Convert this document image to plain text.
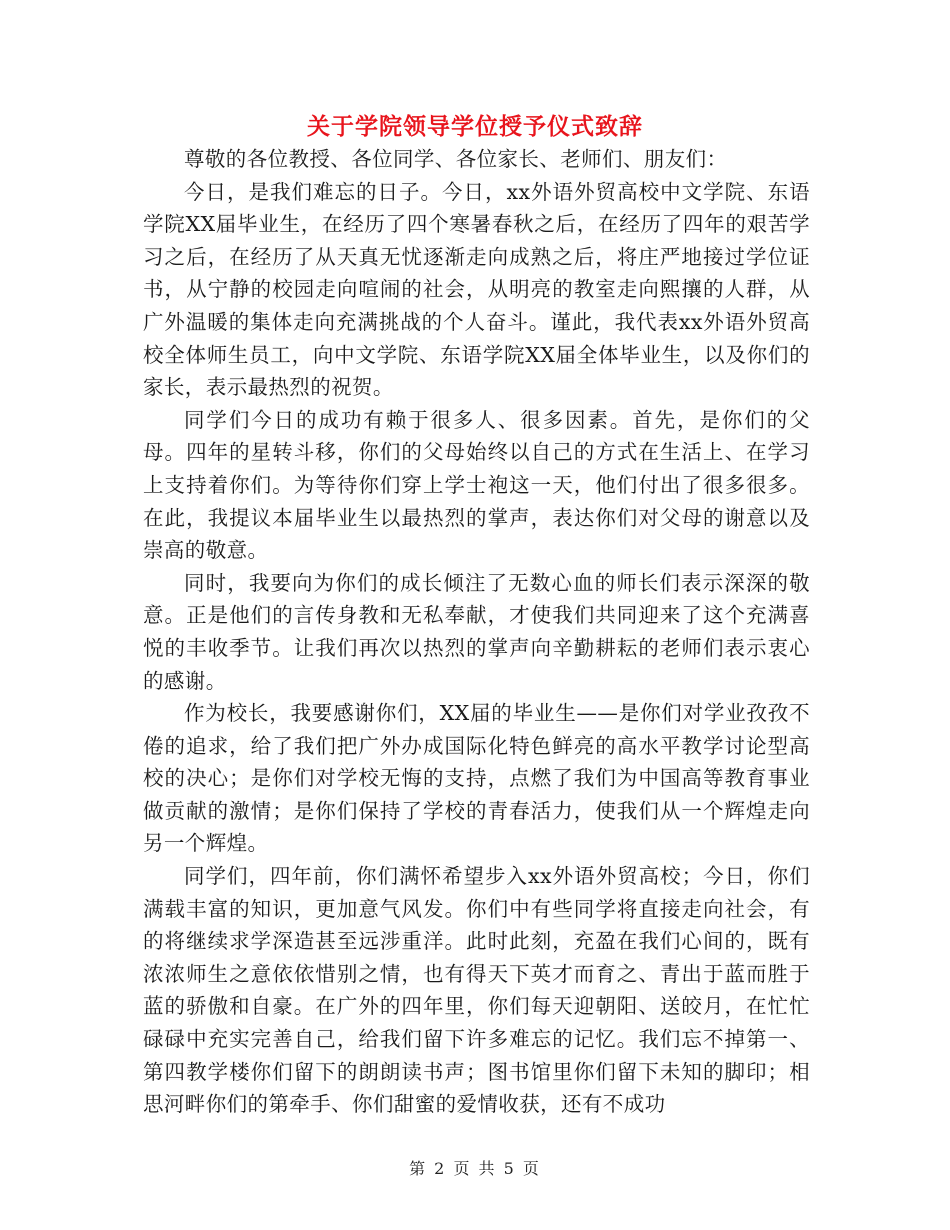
关于学院领导学位授予仪式致辞

尊敬的各位教授、各位同学、各位家长、老师们、朋友们：

今日，是我们难忘的日子。今日，xx外语外贸高校中文学院、东语学院XX届毕业生，在经历了四个寒暑春秋之后，在经历了四年的艰苦学习之后，在经历了从天真无忧逐渐走向成熟之后，将庄严地接过学位证书，从宁静的校园走向喧闹的社会，从明亮的教室走向熙攘的人群，从广外温暖的集体走向充满挑战的个人奋斗。谨此，我代表xx外语外贸高校全体师生员工，向中文学院、东语学院XX届全体毕业生，以及你们的家长，表示最热烈的祝贺。

同学们今日的成功有赖于很多人、很多因素。首先，是你们的父母。四年的星转斗移，你们的父母始终以自己的方式在生活上、在学习上支持着你们。为等待你们穿上学士袍这一天，他们付出了很多很多。在此，我提议本届毕业生以最热烈的掌声，表达你们对父母的谢意以及崇高的敬意。

同时，我要向为你们的成长倾注了无数心血的师长们表示深深的敬意。正是他们的言传身教和无私奉献，才使我们共同迎来了这个充满喜悦的丰收季节。让我们再次以热烈的掌声向辛勤耕耘的老师们表示衷心的感谢。

作为校长，我要感谢你们，XX届的毕业生——是你们对学业孜孜不倦的追求，给了我们把广外办成国际化特色鲜亮的高水平教学讨论型高校的决心；是你们对学校无悔的支持，点燃了我们为中国高等教育事业做贡献的激情；是你们保持了学校的青春活力，使我们从一个辉煌走向另一个辉煌。

同学们，四年前，你们满怀希望步入xx外语外贸高校；今日，你们满载丰富的知识，更加意气风发。你们中有些同学将直接走向社会，有的将继续求学深造甚至远涉重洋。此时此刻，充盈在我们心间的，既有浓浓师生之意依依惜别之情，也有得天下英才而育之、青出于蓝而胜于蓝的骄傲和自豪。在广外的四年里，你们每天迎朝阳、送皎月，在忙忙碌碌中充实完善自己，给我们留下许多难忘的记忆。我们忘不掉第一、第四教学楼你们留下的朗朗读书声；图书馆里你们留下未知的脚印；相思河畔你们的第牵手、你们甜蜜的爱情收获，还有不成功

第 2 页 共 5 页
